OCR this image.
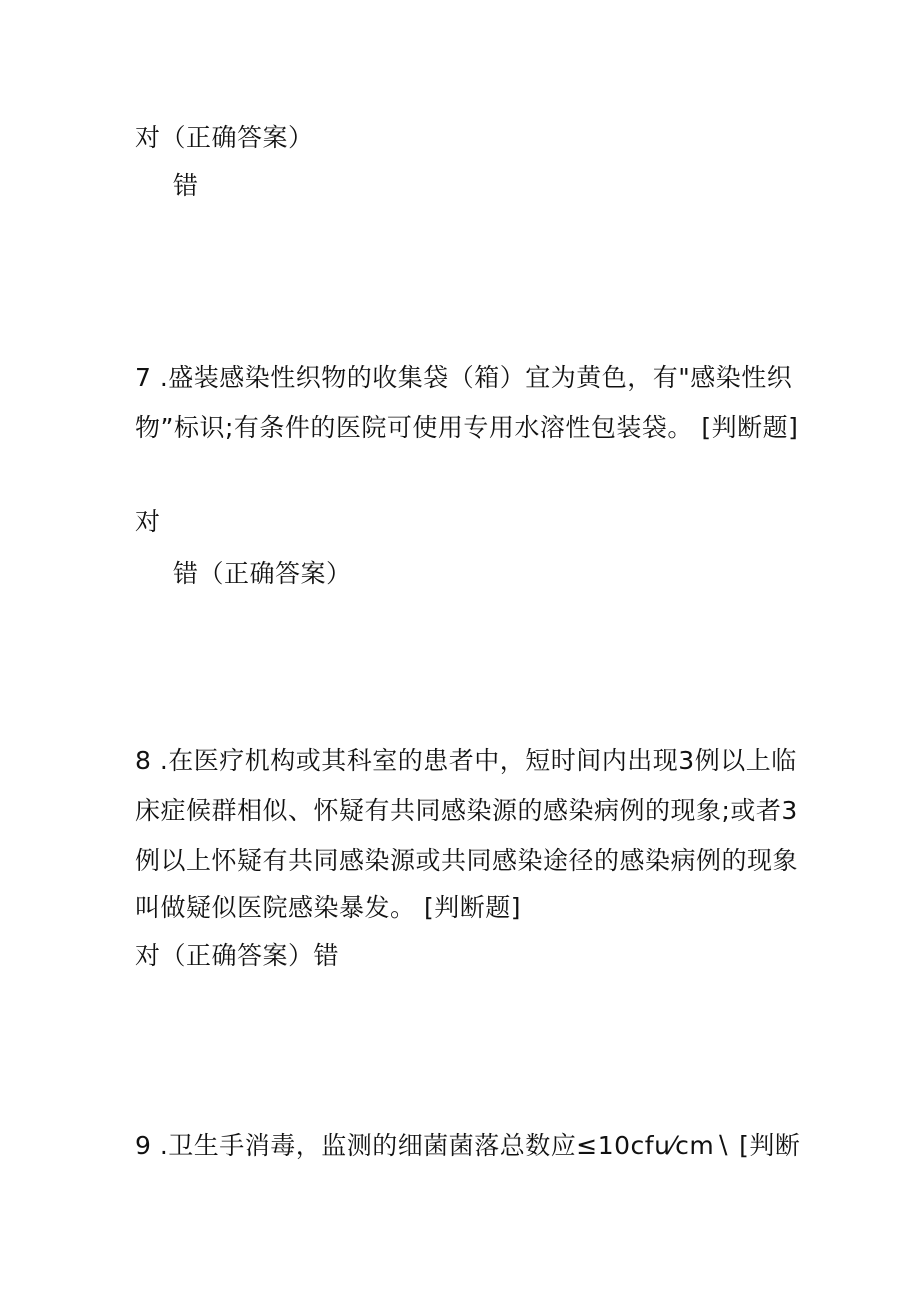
对（正确答案）
错
7 .盛装感染性织物的收集袋（箱）宜为黄色，有"感染性织
物”标识;有条件的医院可使用专用水溶性包装袋。 [判断题]
对
错（正确答案）
8 .在医疗机构或其科室的患者中，短时间内出现3例以上临
床症候群相似、怀疑有共同感染源的感染病例的现象;或者3
例以上怀疑有共同感染源或共同感染途径的感染病例的现象
叫做疑似医院感染暴发。 [判断题]
对（正确答案）错
9 .卫生手消毒，监测的细菌菌落总数应≤10cfu⁄cm∖ [判断
